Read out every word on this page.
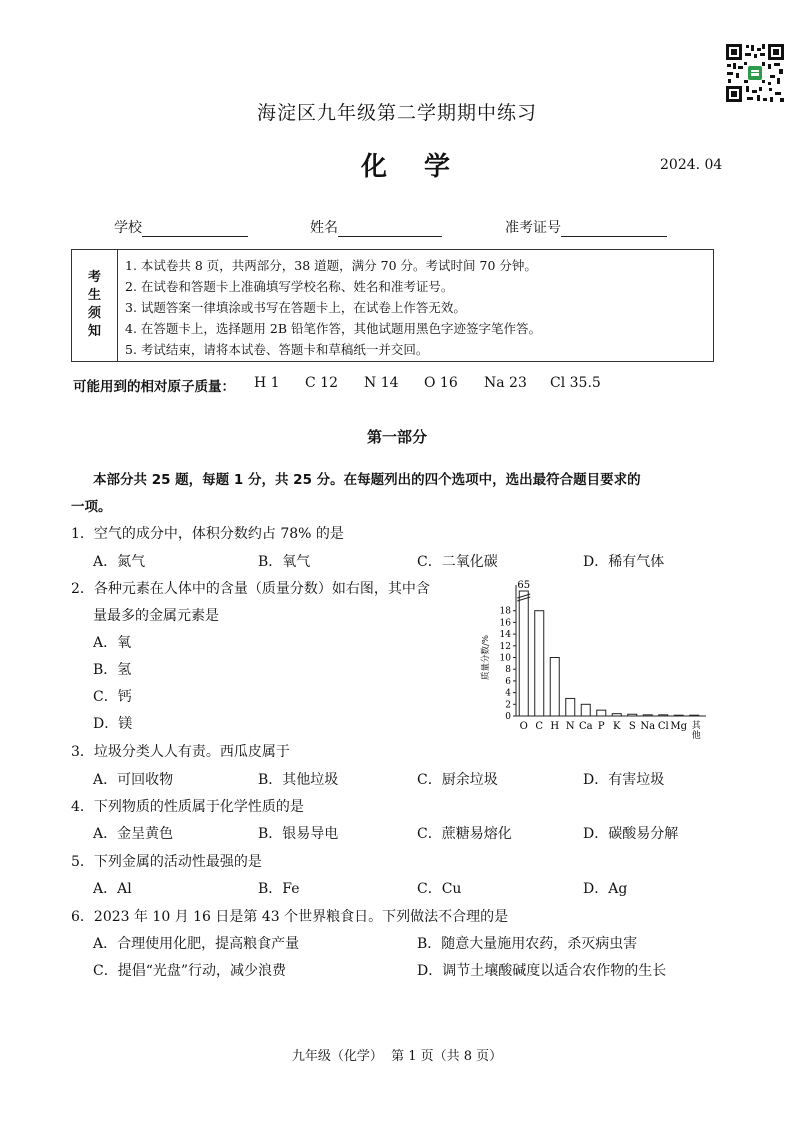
海淀区九年级第二学期期中练习
化 学	2024. 04
学校	姓名	准考证号
考
生
须
知
1. 本试卷共 8 页，共两部分，38 道题，满分 70 分。考试时间 70 分钟。
2. 在试卷和答题卡上准确填写学校名称、姓名和准考证号。
3. 试题答案一律填涂或书写在答题卡上，在试卷上作答无效。
4. 在答题卡上，选择题用 2B 铅笔作答，其他试题用黑色字迹签字笔作答。
5. 考试结束，请将本试卷、答题卡和草稿纸一并交回。
可能用到的相对原子质量： H 1 C 12 N 14 O 16 Na 23 Cl 35.5
第一部分
本部分共 25 题，每题 1 分，共 25 分。在每题列出的四个选项中，选出最符合题目要求的
一项。
1．空气的成分中，体积分数约占 78% 的是
A．氮气	B．氧气	C．二氧化碳	D．稀有气体
2．各种元素在人体中的含量（质量分数）如右图，其中含
量最多的金属元素是
A．氧
B．氢
C．钙
D．镁	0
2
4
6
8
10
12
14
16
18
质量分数/%
65
O C H N Ca P K S Na Cl Mg 其
他
3．垃圾分类人人有责。西瓜皮属于
A．可回收物	B．其他垃圾	C．厨余垃圾	D．有害垃圾
4．下列物质的性质属于化学性质的是
A．金呈黄色	B．银易导电	C．蔗糖易熔化	D．碳酸易分解
5．下列金属的活动性最强的是
A．Al	B．Fe	C．Cu	D．Ag
6．2023 年 10 月 16 日是第 43 个世界粮食日。下列做法不合理的是
A．合理使用化肥，提高粮食产量	B．随意大量施用农药，杀灭病虫害
C．提倡“光盘”行动，减少浪费	D．调节土壤酸碱度以适合农作物的生长
九年级（化学）  第 1 页（共 8 页）
